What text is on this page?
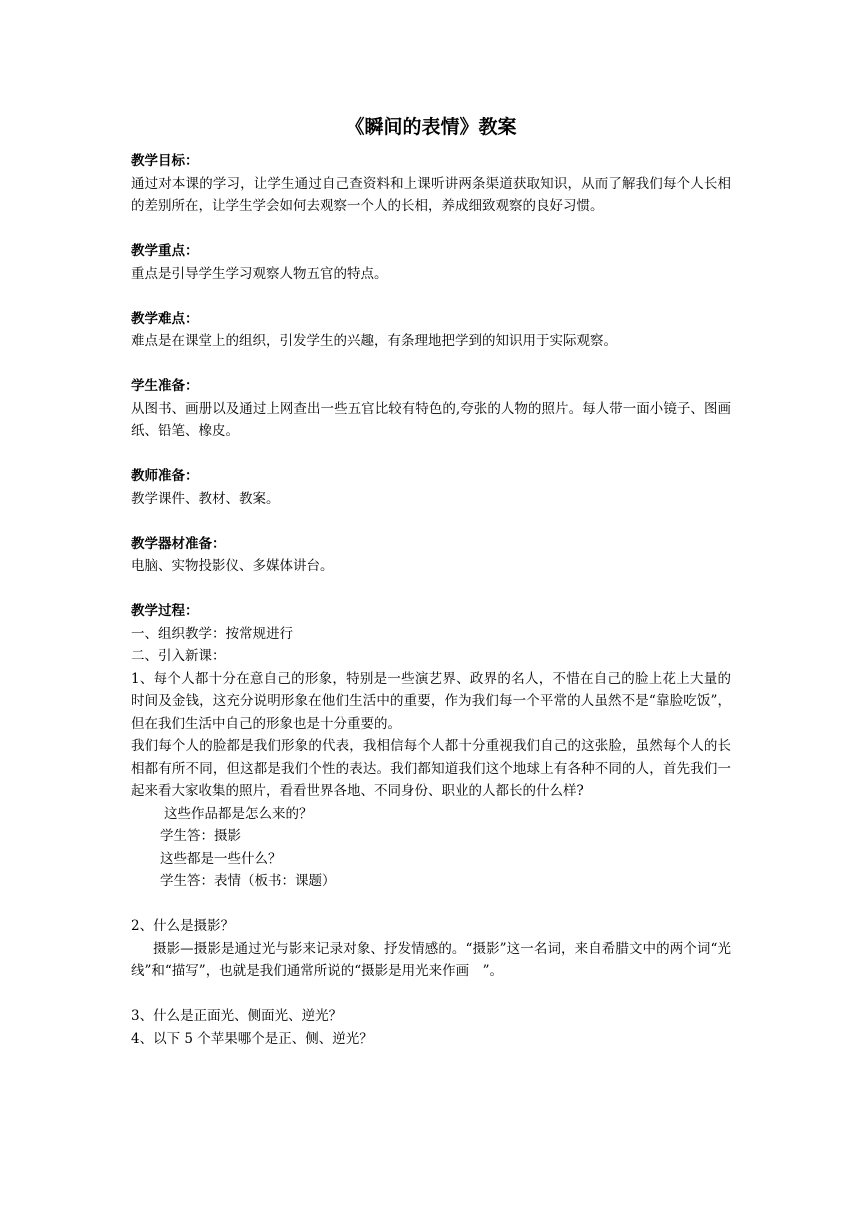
《瞬间的表情》教案
教学目标：
通过对本课的学习，让学生通过自己查资料和上课听讲两条渠道获取知识，从而了解我们每个人长相的差别所在，让学生学会如何去观察一个人的长相，养成细致观察的良好习惯。
教学重点：
重点是引导学生学习观察人物五官的特点。
教学难点：
难点是在课堂上的组织，引发学生的兴趣，有条理地把学到的知识用于实际观察。
学生准备：
从图书、画册以及通过上网查出一些五官比较有特色的,夸张的人物的照片。每人带一面小镜子、图画纸、铅笔、橡皮。
教师准备：
教学课件、教材、教案。
教学器材准备：
电脑、实物投影仪、多媒体讲台。
教学过程：
一、组织教学：按常规进行
二、引入新课：
1、每个人都十分在意自己的形象，特别是一些演艺界、政界的名人，不惜在自己的脸上花上大量的时间及金钱，这充分说明形象在他们生活中的重要，作为我们每一个平常的人虽然不是“靠脸吃饭”，但在我们生活中自己的形象也是十分重要的。
我们每个人的脸都是我们形象的代表，我相信每个人都十分重视我们自己的这张脸，虽然每个人的长相都有所不同，但这都是我们个性的表达。我们都知道我们这个地球上有各种不同的人，首先我们一起来看大家收集的照片，看看世界各地、不同身份、职业的人都长的什么样?
这些作品都是怎么来的？
学生答：摄影
这些都是一些什么？
学生答：表情（板书：课题）
2、什么是摄影？
摄影—摄影是通过光与影来记录对象、抒发情感的。“摄影”这一名词，来自希腊文中的两个词“光线”和“描写”，也就是我们通常所说的“摄影是用光来作画　”。
3、什么是正面光、侧面光、逆光？
4、以下 5 个苹果哪个是正、侧、逆光？
